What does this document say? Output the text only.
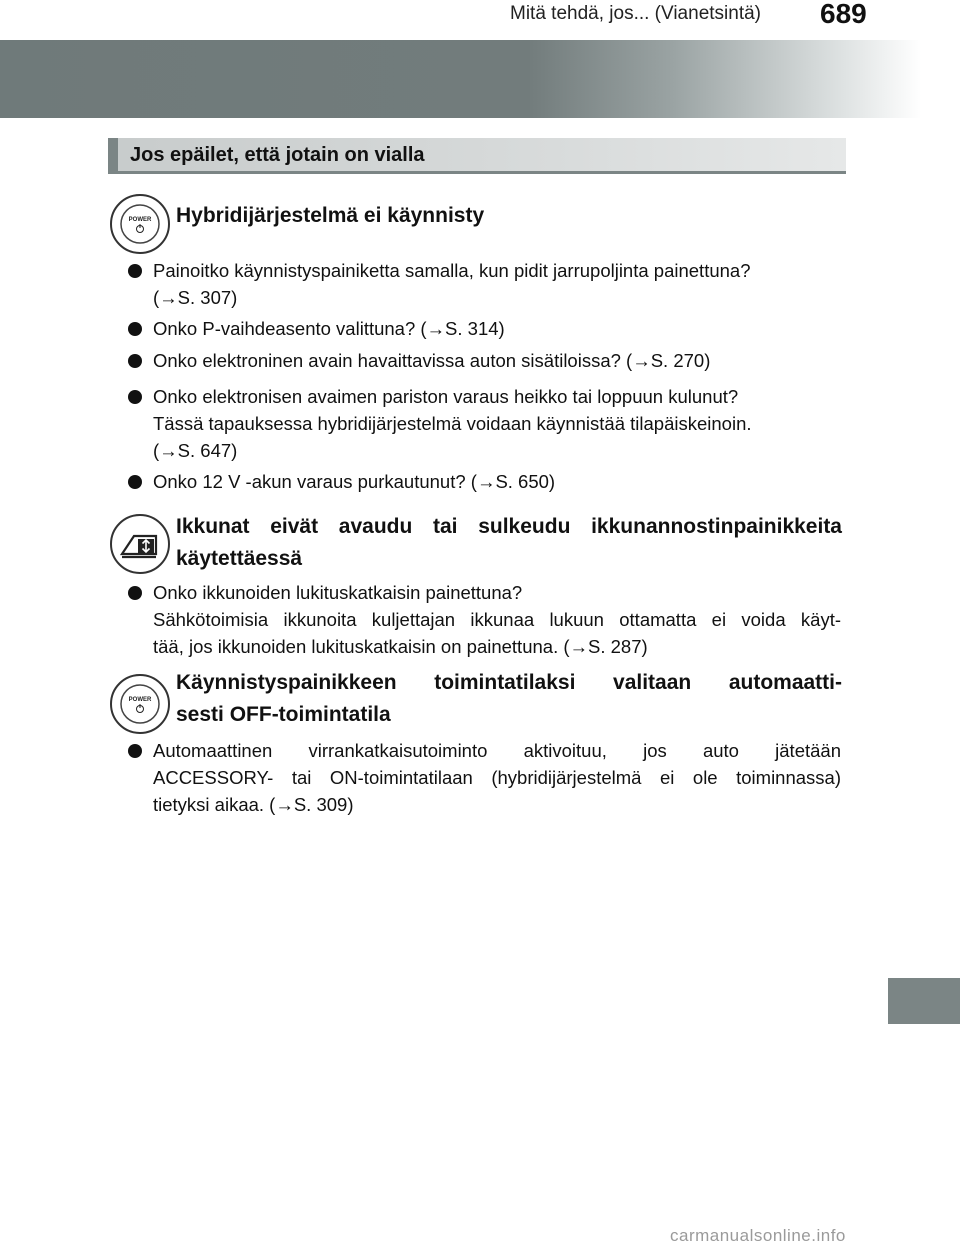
Mitä tehdä, jos... (Vianetsintä) 689
Jos epäilet, että jotain on vialla
POWER Hybridijärjestelmä ei käynnisty
Painoitko käynnistyspainiketta samalla, kun pidit jarrupoljinta painettuna?
(→S. 307)
Onko P-vaihdeasento valittuna? (→S. 314)
Onko elektroninen avain havaittavissa auton sisätiloissa? (→S. 270)
Onko elektronisen avaimen pariston varaus heikko tai loppuun kulunut?
Tässä tapauksessa hybridijärjestelmä voidaan käynnistää tilapäiskeinoin.
(→S. 647)
Onko 12 V -akun varaus purkautunut? (→S. 650)
Ikkunat eivät avaudu tai sulkeudu ikkunannostinpainikkeita
käytettäessä
Onko ikkunoiden lukituskatkaisin painettuna?
Sähkötoimisia ikkunoita kuljettajan ikkunaa lukuun ottamatta ei voida käyt-
tää, jos ikkunoiden lukituskatkaisin on painettuna. (→S. 287)
POWER
Käynnistyspainikkeen toimintatilaksi valitaan automaatti-
sesti OFF-toimintatila
Automaattinen virrankatkaisutoiminto aktivoituu, jos auto jätetään
ACCESSORY- tai ON-toimintatilaan (hybridijärjestelmä ei ole toiminnassa)
tietyksi aikaa. (→S. 309)
carmanualsonline.info
